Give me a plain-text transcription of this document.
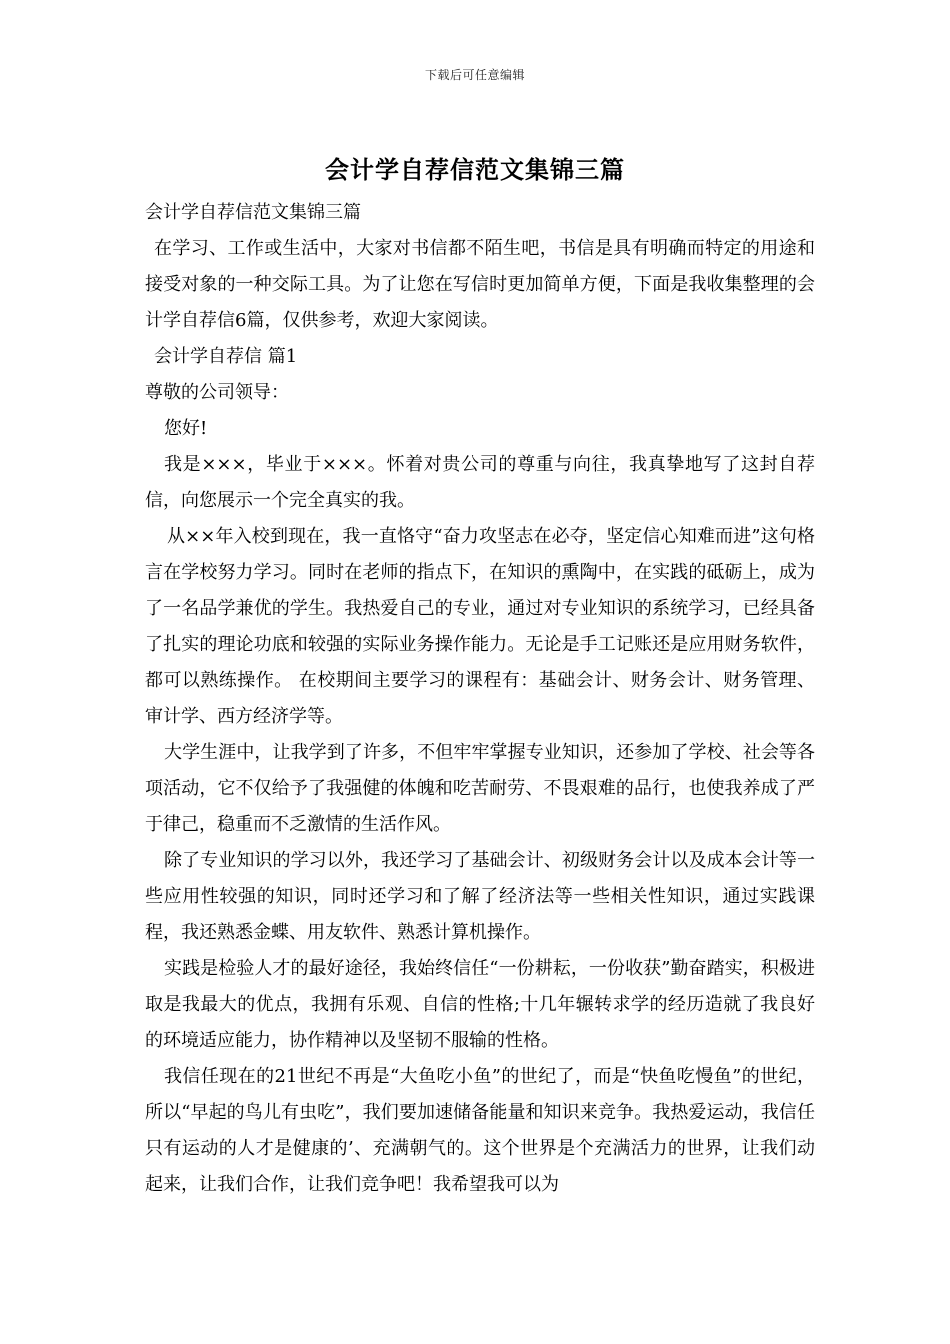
下载后可任意编辑
会计学自荐信范文集锦三篇

会计学自荐信范文集锦三篇

在学习、工作或生活中，大家对书信都不陌生吧，书信是具有明确而特定的用途和接受对象的一种交际工具。为了让您在写信时更加简单方便，下面是我收集整理的会计学自荐信6篇，仅供参考，欢迎大家阅读。

会计学自荐信 篇1

尊敬的公司领导：

您好!

我是×××，毕业于×××。怀着对贵公司的尊重与向往，我真挚地写了这封自荐信，向您展示一个完全真实的我。

从××年入校到现在，我一直恪守“奋力攻坚志在必夺，坚定信心知难而进”这句格言在学校努力学习。同时在老师的指点下，在知识的熏陶中，在实践的砥砺上，成为了一名品学兼优的学生。我热爱自己的专业，通过对专业知识的系统学习，已经具备了扎实的理论功底和较强的实际业务操作能力。无论是手工记账还是应用财务软件，都可以熟练操作。 在校期间主要学习的课程有：基础会计、财务会计、财务管理、审计学、西方经济学等。

大学生涯中，让我学到了许多，不但牢牢掌握专业知识，还参加了学校、社会等各项活动，它不仅给予了我强健的体魄和吃苦耐劳、不畏艰难的品行，也使我养成了严于律己，稳重而不乏激情的生活作风。

除了专业知识的学习以外，我还学习了基础会计、初级财务会计以及成本会计等一些应用性较强的知识，同时还学习和了解了经济法等一些相关性知识，通过实践课程，我还熟悉金蝶、用友软件、熟悉计算机操作。

实践是检验人才的最好途径，我始终信任“一份耕耘，一份收获”勤奋踏实，积极进取是我最大的优点，我拥有乐观、自信的性格;十几年辗转求学的经历造就了我良好的环境适应能力，协作精神以及坚韧不服输的性格。

我信任现在的21世纪不再是“大鱼吃小鱼”的世纪了，而是“快鱼吃慢鱼”的世纪，所以“早起的鸟儿有虫吃”，我们要加速储备能量和知识来竞争。我热爱运动，我信任只有运动的人才是健康的’、充满朝气的。这个世界是个充满活力的世界，让我们动起来，让我们合作，让我们竞争吧！我希望我可以为
